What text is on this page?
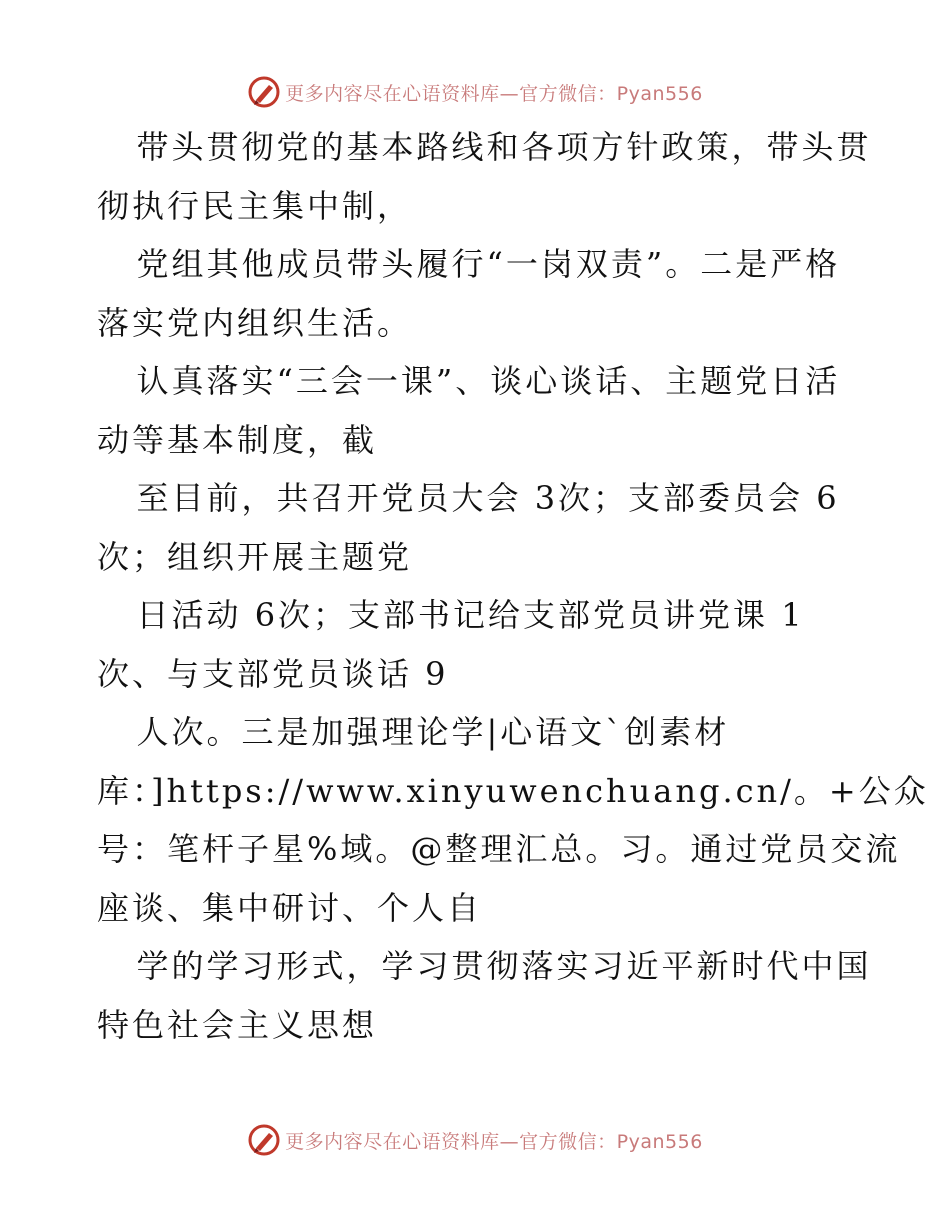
更多内容尽在心语资料库—官方微信：Pyan556
带头贯彻党的基本路线和各项方针政策，带头贯
彻执行民主集中制，
党组其他成员带头履行“一岗双责”。二是严格
落实党内组织生活。
认真落实“三会一课”、谈心谈话、主题党日活
动等基本制度，截
至目前，共召开党员大会 3次；支部委员会 6
次；组织开展主题党
日活动 6次；支部书记给支部党员讲党课 1
次、与支部党员谈话 9
人次。三是加强理论学|心语文`创素材
库：]https://www.xinyuwenchuang.cn/。+公众
号：笔杆子星%域。@整理汇总。习。通过党员交流
座谈、集中研讨、个人自
学的学习形式，学习贯彻落实习近平新时代中国
特色社会主义思想
更多内容尽在心语资料库—官方微信：Pyan556
